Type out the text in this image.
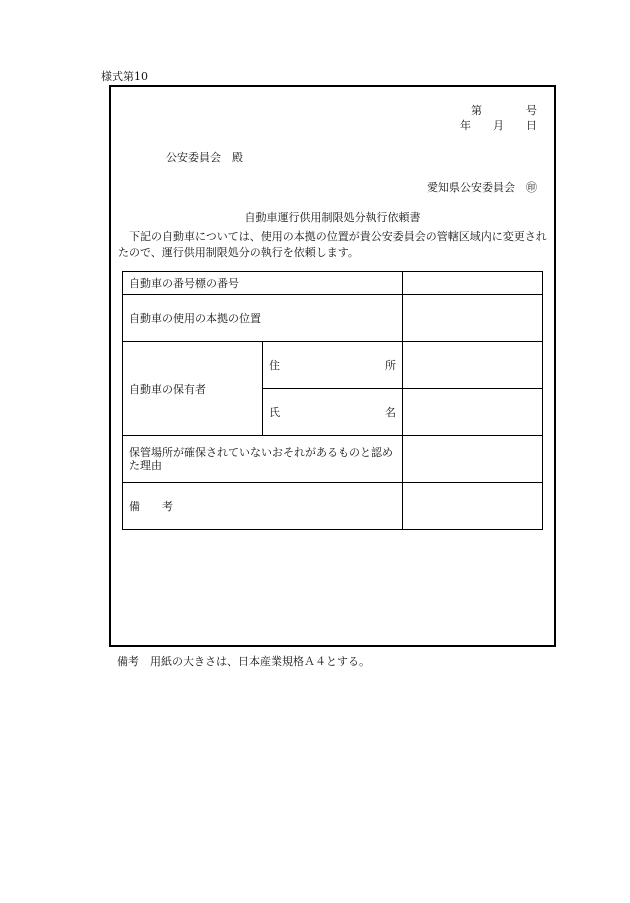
様式第10
第　　　　号
年　　月　　日
公安委員会　殿
愛知県公安委員会　㊞
自動車運行供用制限処分執行依頼書
　下記の自動車については、使用の本拠の位置が貴公安委員会の管轄区域内に変更されたので、運行供用制限処分の執行を依頼します。
自動車の番号標の番号		
自動車の使用の本拠の位置		
自動車の保有者	住　所	
	氏　名	
保管場所が確保されていないおそれがあるものと認めた理由		
備　　考		
備考　用紙の大きさは、日本産業規格Ａ４とする。
